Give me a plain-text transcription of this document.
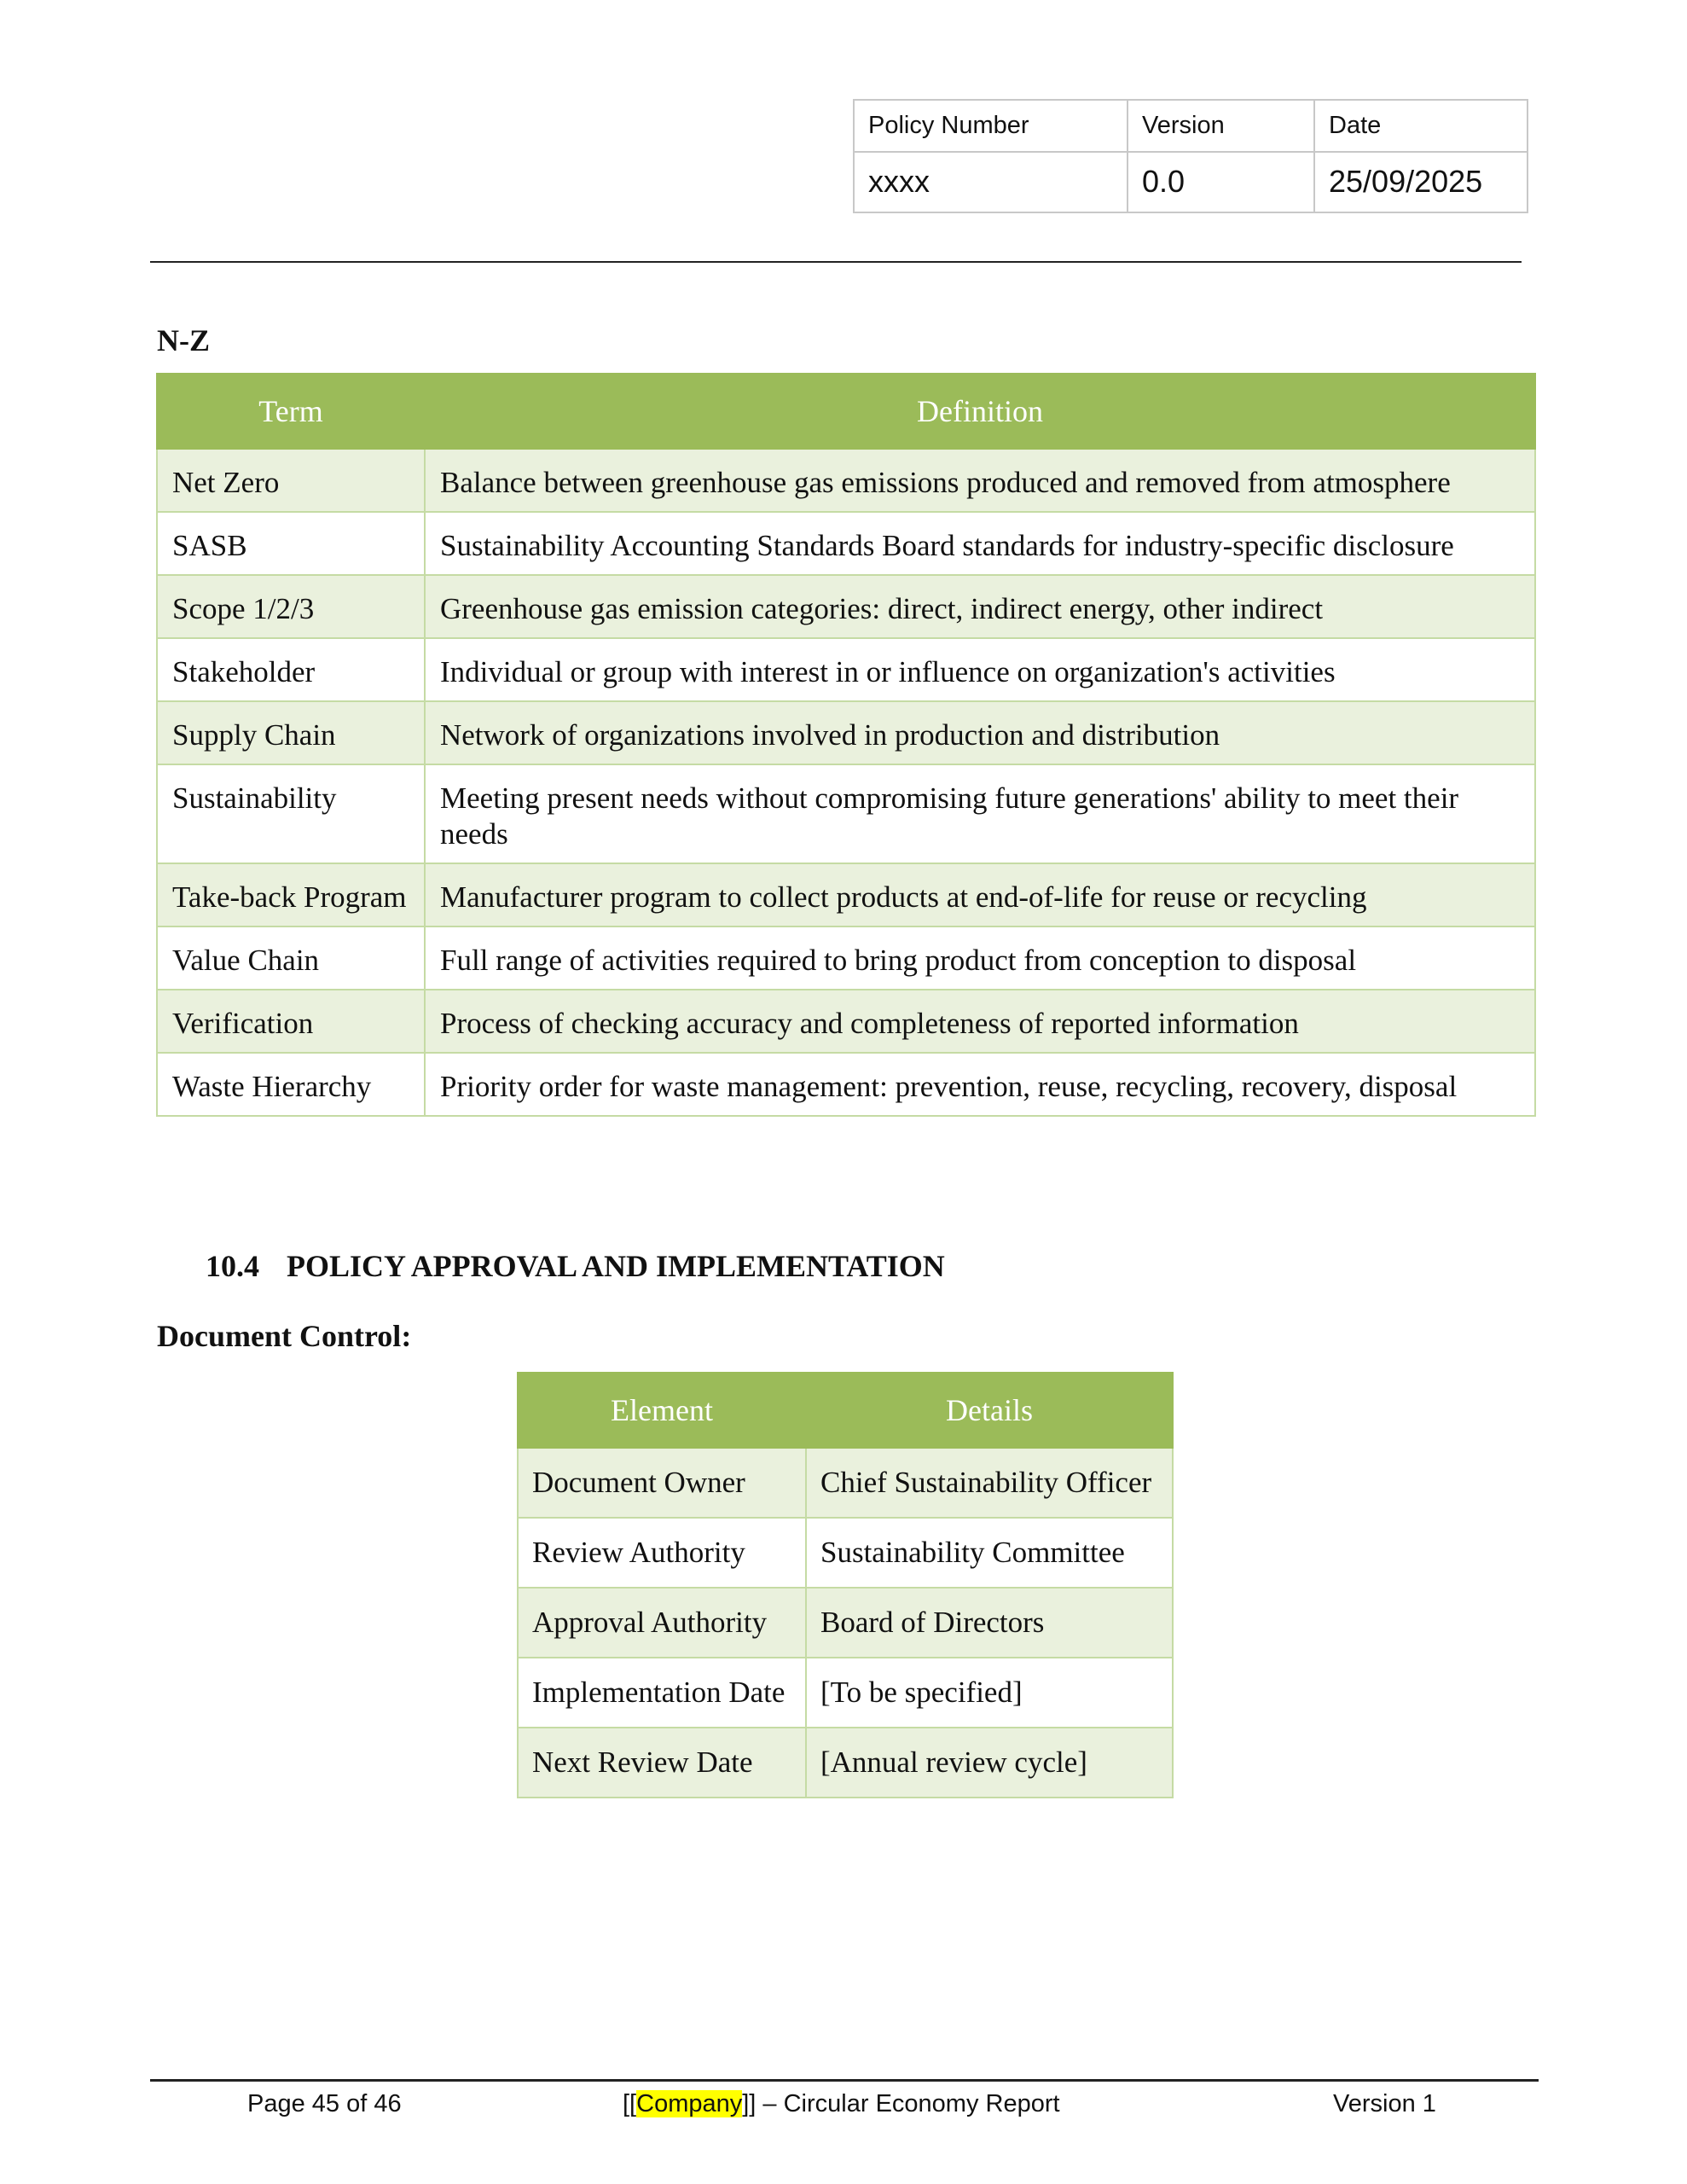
Policy Number	Version	Date
xxxx	0.0	25/09/2025
N-Z
Term	Definition
Net Zero	Balance between greenhouse gas emissions produced and removed from atmosphere
SASB	Sustainability Accounting Standards Board standards for industry-specific disclosure
Scope 1/2/3	Greenhouse gas emission categories: direct, indirect energy, other indirect
Stakeholder	Individual or group with interest in or influence on organization's activities
Supply Chain	Network of organizations involved in production and distribution
Sustainability	Meeting present needs without compromising future generations' ability to meet their needs
Take-back Program	Manufacturer program to collect products at end-of-life for reuse or recycling
Value Chain	Full range of activities required to bring product from conception to disposal
Verification	Process of checking accuracy and completeness of reported information
Waste Hierarchy	Priority order for waste management: prevention, reuse, recycling, recovery, disposal
10.4 POLICY APPROVAL AND IMPLEMENTATION
Document Control:
Element	Details
Document Owner	Chief Sustainability Officer
Review Authority	Sustainability Committee
Approval Authority	Board of Directors
Implementation Date	[To be specified]
Next Review Date	[Annual review cycle]
Page 45 of 46	[[Company]] – Circular Economy Report	Version 1
